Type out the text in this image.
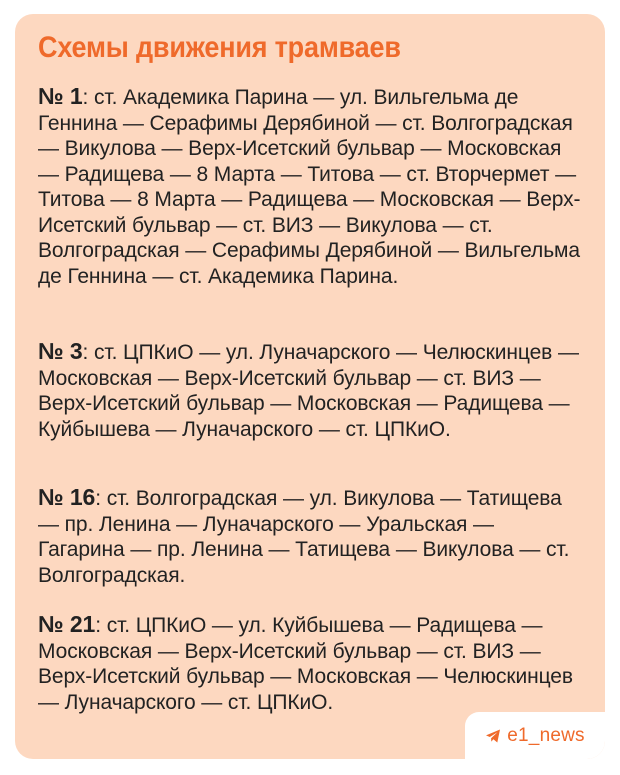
Схемы движения трамваев

№ 1: ст. Академика Парина — ул. Вильгельма де Геннина — Серафимы Дерябиной — ст. Волгоградская — Викулова — Верх-Исетский бульвар — Московская — Радищева — 8 Марта — Титова — ст. Вторчермет — Титова — 8 Марта — Радищева — Московская — Верх-Исетский бульвар — ст. ВИЗ — Викулова — ст. Волгоградская — Серафимы Дерябиной — Вильгельма де Геннина — ст. Академика Парина.

№ 3: ст. ЦПКиО — ул. Луначарского — Челюскинцев — Московская — Верх-Исетский бульвар — ст. ВИЗ — Верх-Исетский бульвар — Московская — Радищева — Куйбышева — Луначарского — ст. ЦПКиО.

№ 16: ст. Волгоградская — ул. Викулова — Татищева — пр. Ленина — Луначарского — Уральская — Гагарина — пр. Ленина — Татищева — Викулова — ст. Волгоградская.

№ 21: ст. ЦПКиО — ул. Куйбышева — Радищева — Московская — Верх-Исетский бульвар — ст. ВИЗ — Верх-Исетский бульвар — Московская — Челюскинцев — Луначарского — ст. ЦПКиО.

e1_news
